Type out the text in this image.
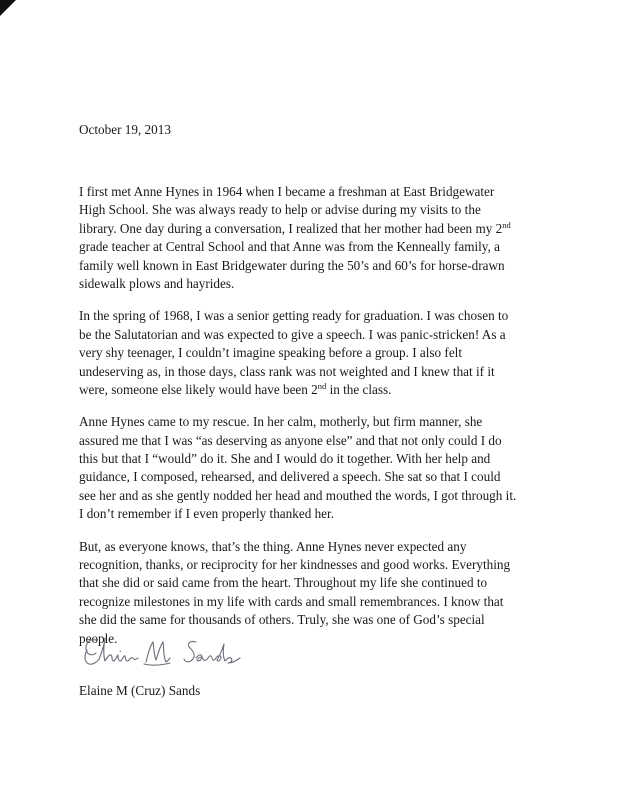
October 19, 2013
I first met Anne Hynes in 1964 when I became a freshman at East Bridgewater
High School. She was always ready to help or advise during my visits to the
library. One day during a conversation, I realized that her mother had been my 2nd
grade teacher at Central School and that Anne was from the Kenneally family, a
family well known in East Bridgewater during the 50’s and 60’s for horse-drawn
sidewalk plows and hayrides.
In the spring of 1968, I was a senior getting ready for graduation. I was chosen to
be the Salutatorian and was expected to give a speech. I was panic-stricken! As a
very shy teenager, I couldn’t imagine speaking before a group. I also felt
undeserving as, in those days, class rank was not weighted and I knew that if it
were, someone else likely would have been 2nd in the class.
Anne Hynes came to my rescue. In her calm, motherly, but firm manner, she
assured me that I was “as deserving as anyone else” and that not only could I do
this but that I “would” do it. She and I would do it together. With her help and
guidance, I composed, rehearsed, and delivered a speech. She sat so that I could
see her and as she gently nodded her head and mouthed the words, I got through it.
I don’t remember if I even properly thanked her.
But, as everyone knows, that’s the thing. Anne Hynes never expected any
recognition, thanks, or reciprocity for her kindnesses and good works. Everything
that she did or said came from the heart. Throughout my life she continued to
recognize milestones in my life with cards and small remembrances. I know that
she did the same for thousands of others. Truly, she was one of God’s special
people.
Elaine M (Cruz) Sands
